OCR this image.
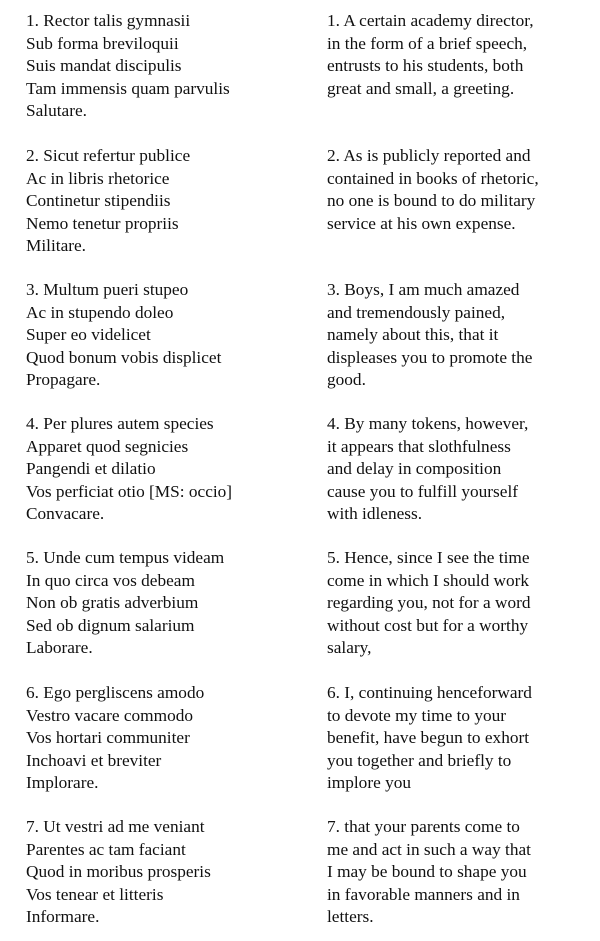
1. Rector talis gymnasii
Sub forma breviloquii
Suis mandat discipulis
Tam immensis quam parvulis
Salutare.
1. A certain academy director,
in the form of a brief speech,
entrusts to his students, both
great and small, a greeting.
2. Sicut refertur publice
Ac in libris rhetorice
Continetur stipendiis
Nemo tenetur propriis
Militare.
2. As is publicly reported and
contained in books of rhetoric,
no one is bound to do military
service at his own expense.
3. Multum pueri stupeo
Ac in stupendo doleo
Super eo videlicet
Quod bonum vobis displicet
Propagare.
3. Boys, I am much amazed
and tremendously pained,
namely about this, that it
displeases you to promote the
good.
4. Per plures autem species
Apparet quod segnicies
Pangendi et dilatio
Vos perficiat otio [MS: occio]
Convacare.
4. By many tokens, however,
it appears that slothfulness
and delay in composition
cause you to fulfill yourself
with idleness.
5. Unde cum tempus videam
In quo circa vos debeam
Non ob gratis adverbium
Sed ob dignum salarium
Laborare.
5. Hence, since I see the time
come in which I should work
regarding you, not for a word
without cost but for a worthy
salary,
6. Ego pergliscens amodo
Vestro vacare commodo
Vos hortari communiter
Inchoavi et breviter
Implorare.
6. I, continuing henceforward
to devote my time to your
benefit, have begun to exhort
you together and briefly to
implore you
7. Ut vestri ad me veniant
Parentes ac tam faciant
Quod in moribus prosperis
Vos tenear et litteris
Informare.
7. that your parents come to
me and act in such a way that
I may be bound to shape you
in favorable manners and in
letters.
